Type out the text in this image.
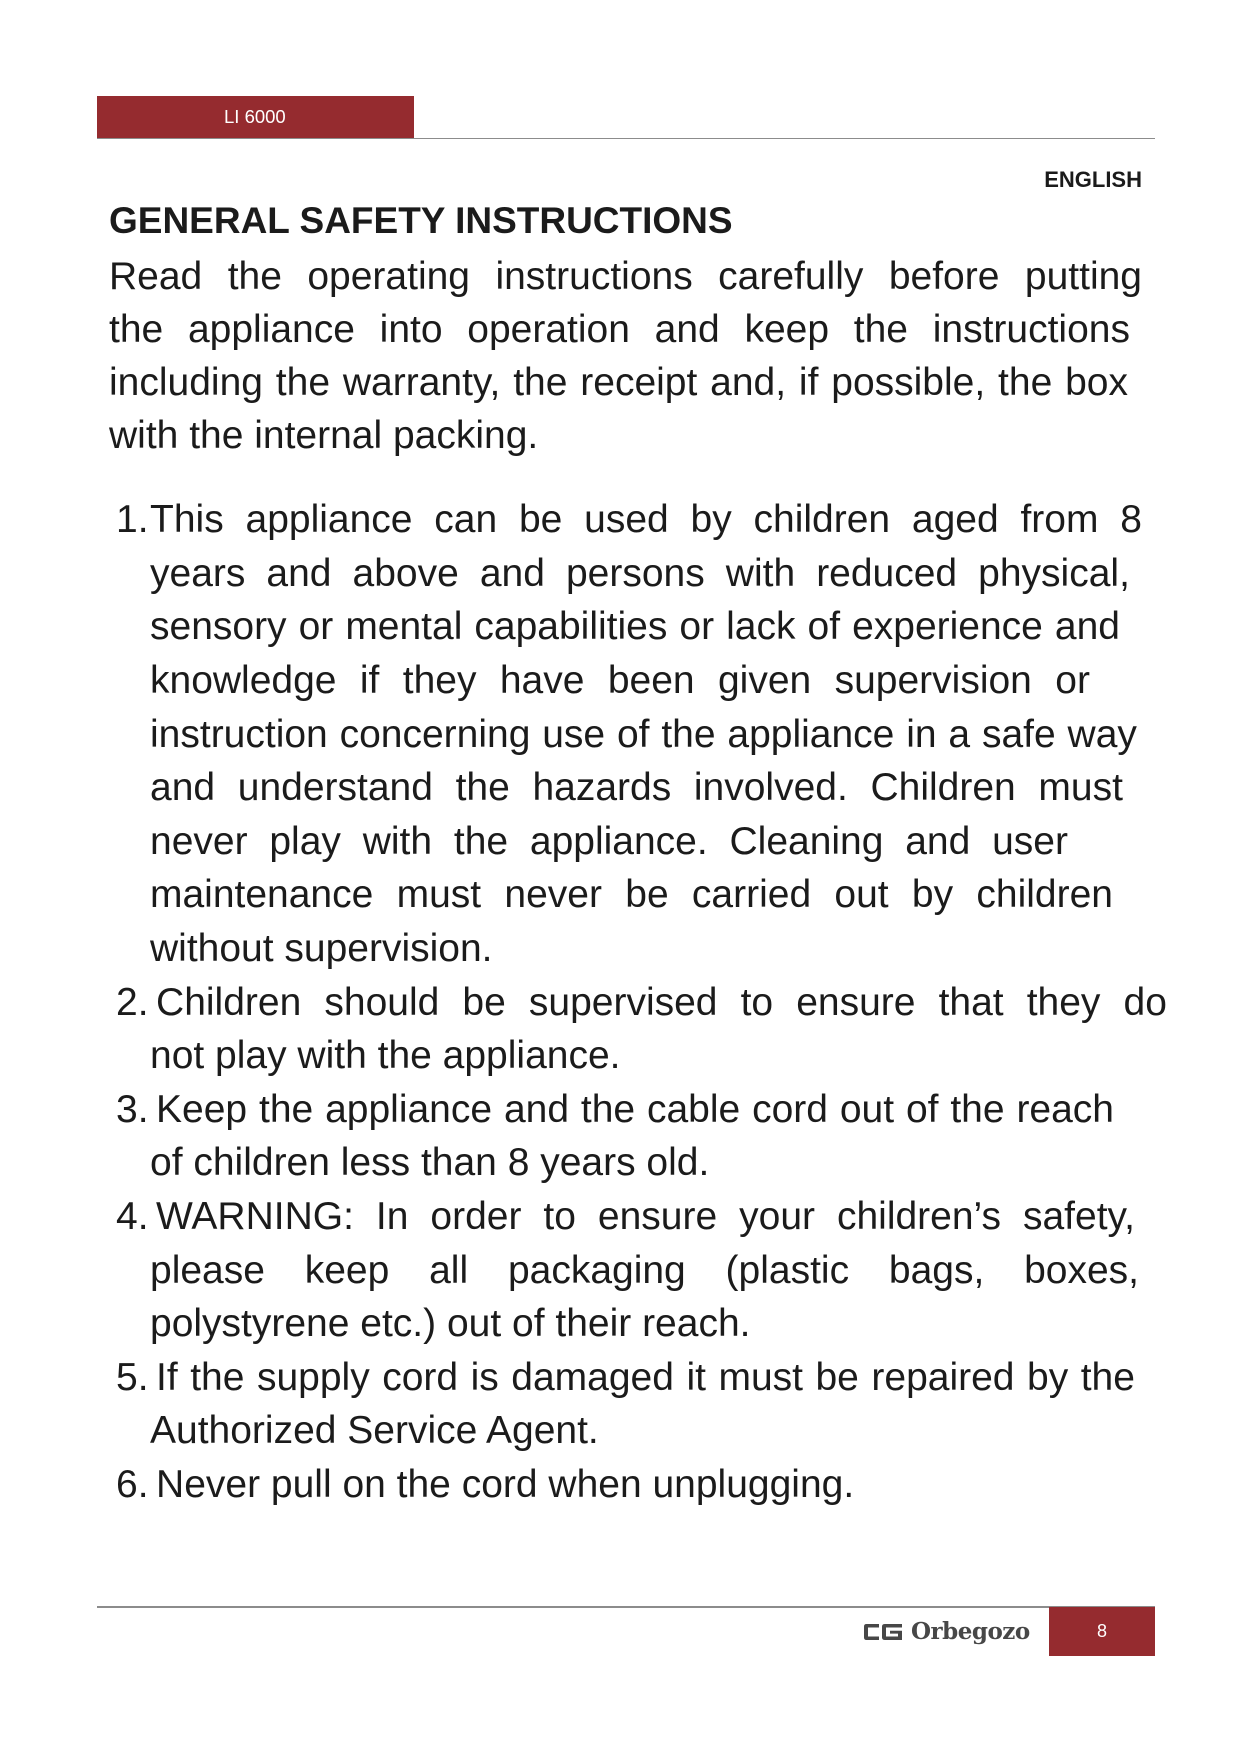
LI 6000
ENGLISH
GENERAL SAFETY INSTRUCTIONS
Read the operating instructions carefully before putting
the appliance into operation and keep the instructions
including the warranty, the receipt and, if possible, the box
with the internal packing.
1. This appliance can be used by children aged from 8
years and above and persons with reduced physical,
sensory or mental capabilities or lack of experience and
knowledge if they have been given supervision or
instruction concerning use of the appliance in a safe way
and understand the hazards involved. Children must
never play with the appliance. Cleaning and user
maintenance must never be carried out by children
without supervision.
2. Children should be supervised to ensure that they do
not play with the appliance.
3. Keep the appliance and the cable cord out of the reach
of children less than 8 years old.
4. WARNING: In order to ensure your children’s safety,
please keep all packaging (plastic bags, boxes,
polystyrene etc.) out of their reach.
5. If the supply cord is damaged it must be repaired by the
Authorized Service Agent.
6. Never pull on the cord when unplugging.
Orbegozo	8
